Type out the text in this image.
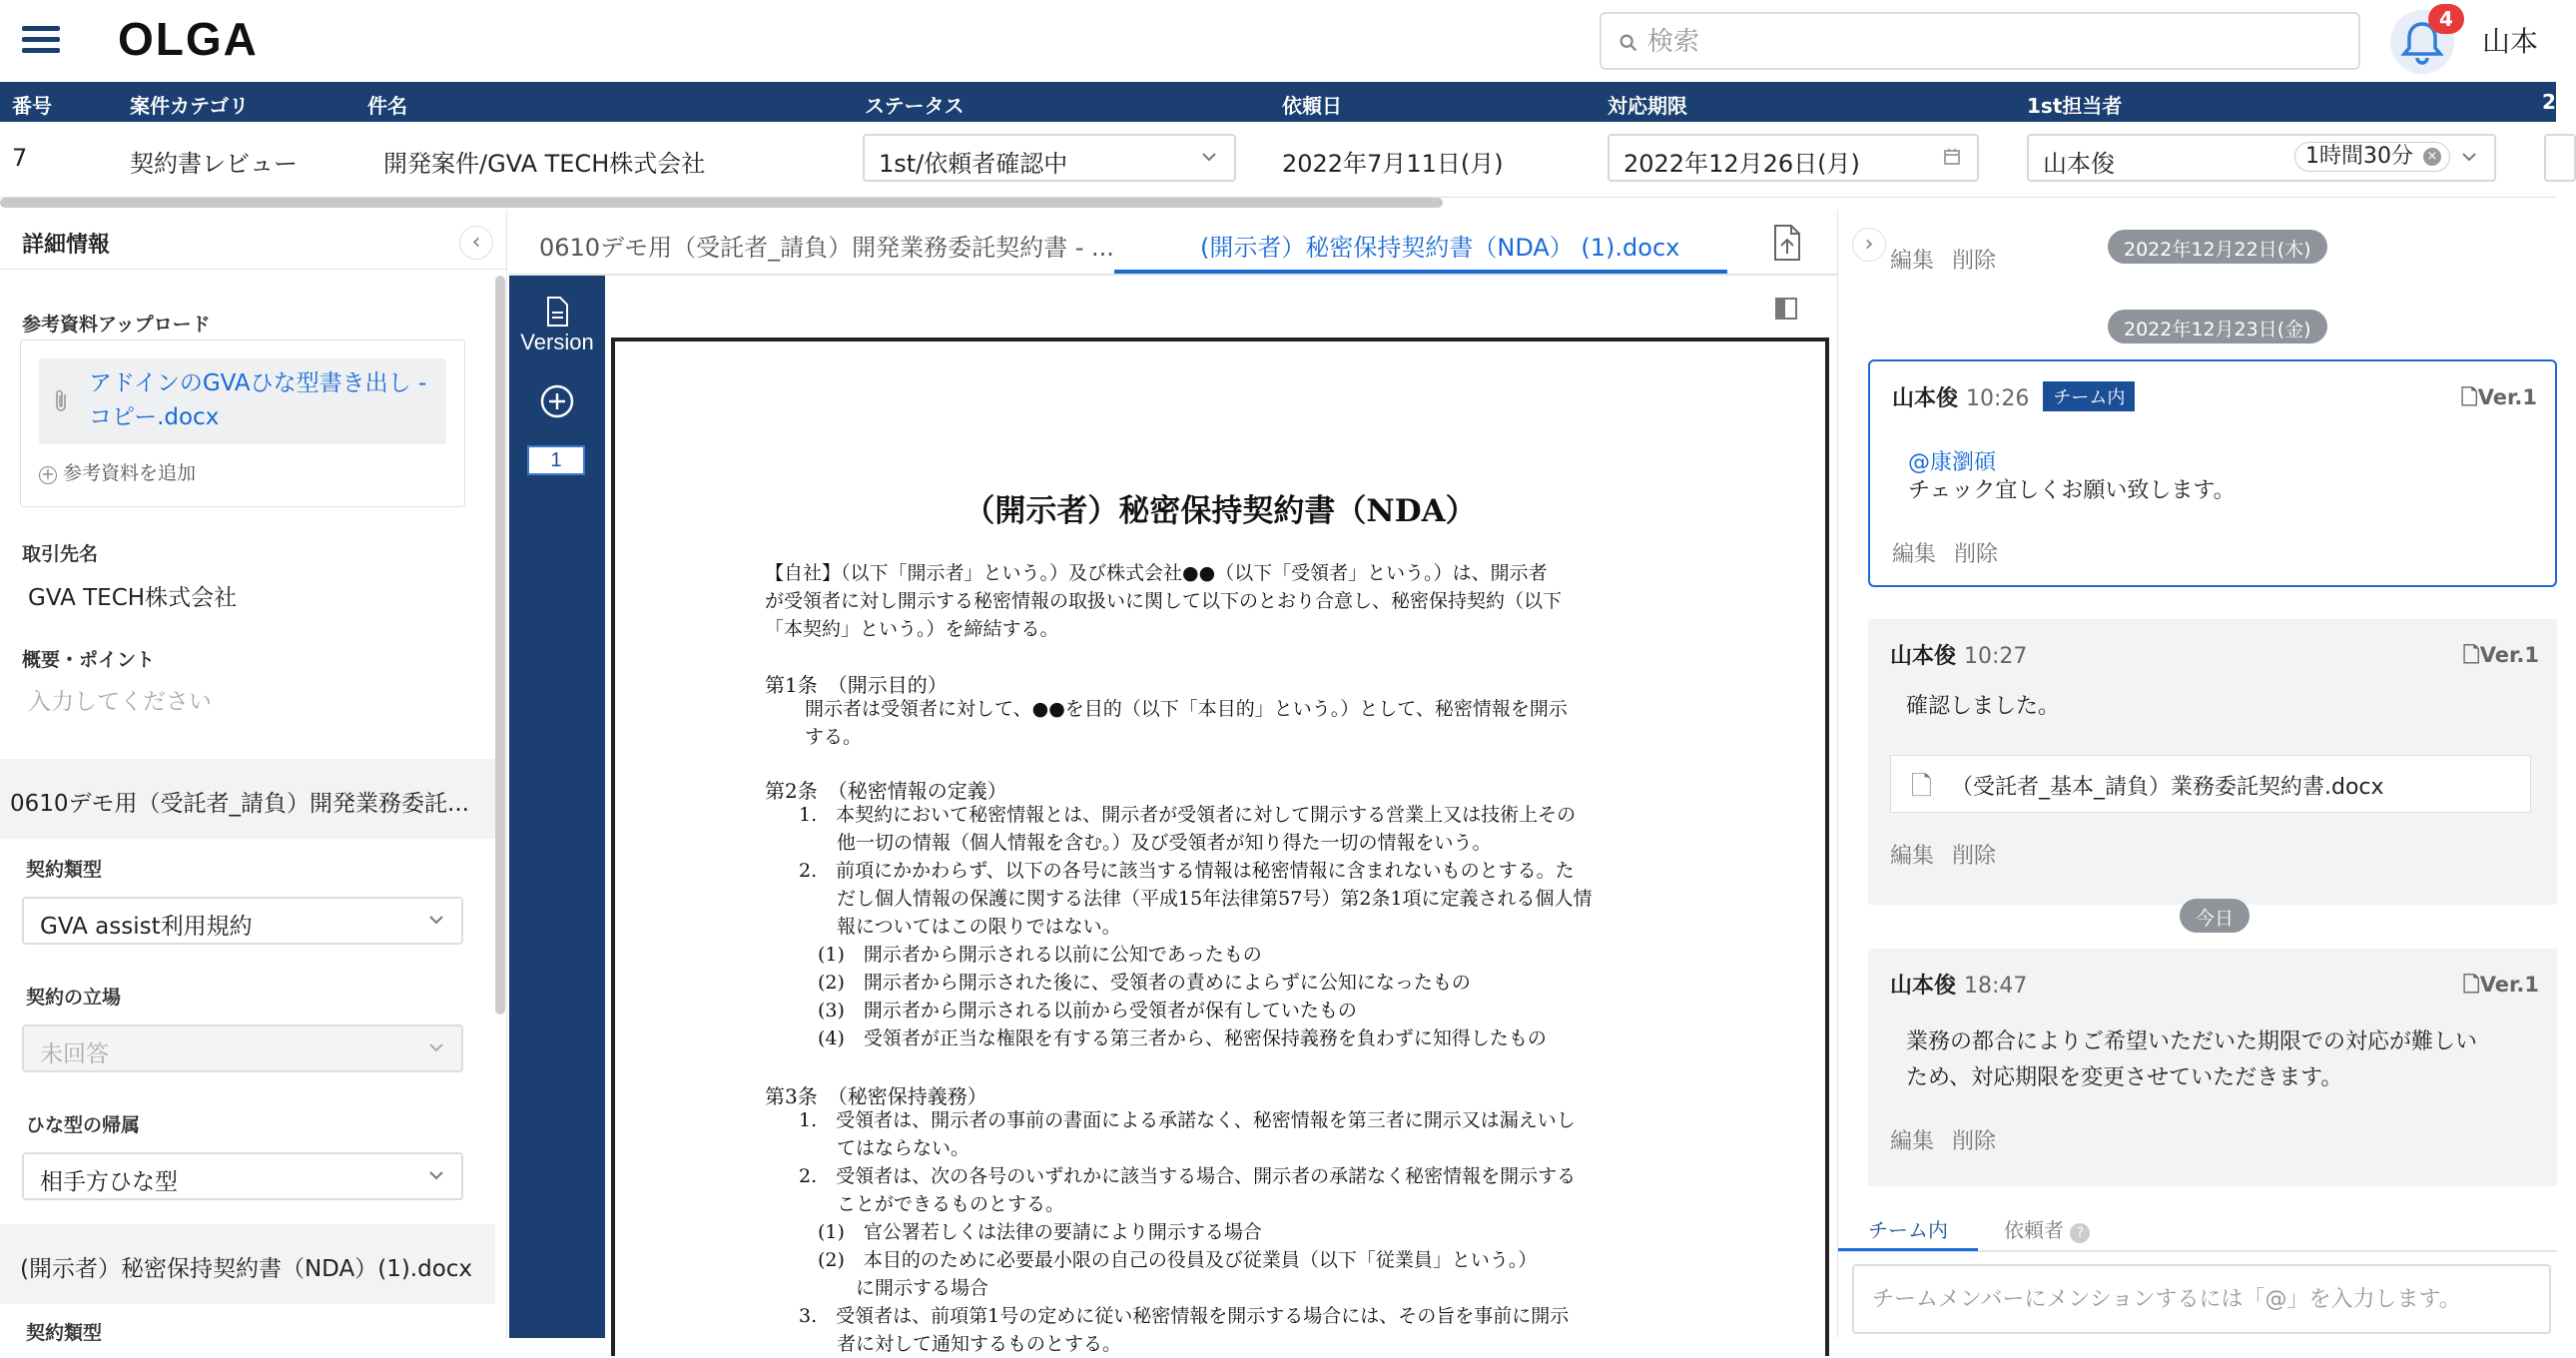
OLGA
検索	4
山本
番号	案件カテゴリ	件名	ステータス	依頼日	対応期限	1st担当者	2
7	契約書レビュー	開発案件/GVA TECH株式会社	1st/依頼者確認中	2022年7月11日(月)	2022年12月26日(月)	山本俊	1時間30分 ×
詳細情報	‹
参考資料アップロード
アドインのGVAひな型書き出し - コピー.docx
+ 参考資料を追加
取引先名
GVA TECH株式会社
概要・ポイント
入力してください
0610デモ用（受託者_請負）開発業務委託...
契約類型
GVA assist利用規約
契約の立場
未回答
ひな型の帰属
相手方ひな型
(開示者）秘密保持契約書（NDA）(1).docx
契約類型
0610デモ用（受託者_請負）開発業務委託契約書 - ...	(開示者）秘密保持契約書（NDA） (1).docx
Version
1
（開示者）秘密保持契約書（NDA）
【自社】（以下「開示者」という。）及び株式会社●●（以下「受領者」という。）は、開示者
が受領者に対し開示する秘密情報の取扱いに関して以下のとおり合意し、秘密保持契約（以下
「本契約」という。）を締結する。
第1条　（開示目的）
開示者は受領者に対して、●●を目的（以下「本目的」という。）として、秘密情報を開示
する。
第2条　（秘密情報の定義）
1.　本契約において秘密情報とは、開示者が受領者に対して開示する営業上又は技術上その
　　他一切の情報（個人情報を含む。）及び受領者が知り得た一切の情報をいう。
2.　前項にかかわらず、以下の各号に該当する情報は秘密情報に含まれないものとする。た
　　だし個人情報の保護に関する法律（平成15年法律第57号）第2条1項に定義される個人情
　　報についてはこの限りではない。
　(1)　開示者から開示される以前に公知であったもの
　(2)　開示者から開示された後に、受領者の責めによらずに公知になったもの
　(3)　開示者から開示される以前から受領者が保有していたもの
　(4)　受領者が正当な権限を有する第三者から、秘密保持義務を負わずに知得したもの
第3条　（秘密保持義務）
1.　受領者は、開示者の事前の書面による承諾なく、秘密情報を第三者に開示又は漏えいし
　　てはならない。
2.　受領者は、次の各号のいずれかに該当する場合、開示者の承諾なく秘密情報を開示する
　　ことができるものとする。
　(1)　官公署若しくは法律の要請により開示する場合
　(2)　本目的のために必要最小限の自己の役員及び従業員（以下「従業員」という。）
　　　に開示する場合
3.　受領者は、前項第1号の定めに従い秘密情報を開示する場合には、その旨を事前に開示
　　者に対して通知するものとする。
›
編集 削除	2022年12月22日(木)
2022年12月23日(金)
山本俊 10:26 チーム内	🗋Ver.1
@康瀏碩
チェック宜しくお願い致します。
編集 削除
山本俊 10:27	🗋Ver.1
確認しました。
🗋 （受託者_基本_請負）業務委託契約書.docx
編集 削除
今日
山本俊 18:47	🗋Ver.1
業務の都合によりご希望いただいた期限での対応が難しい
ため、対応期限を変更させていただきます。
編集 削除
チーム内	依頼者 ?
チームメンバーにメンションするには「@」を入力します。
